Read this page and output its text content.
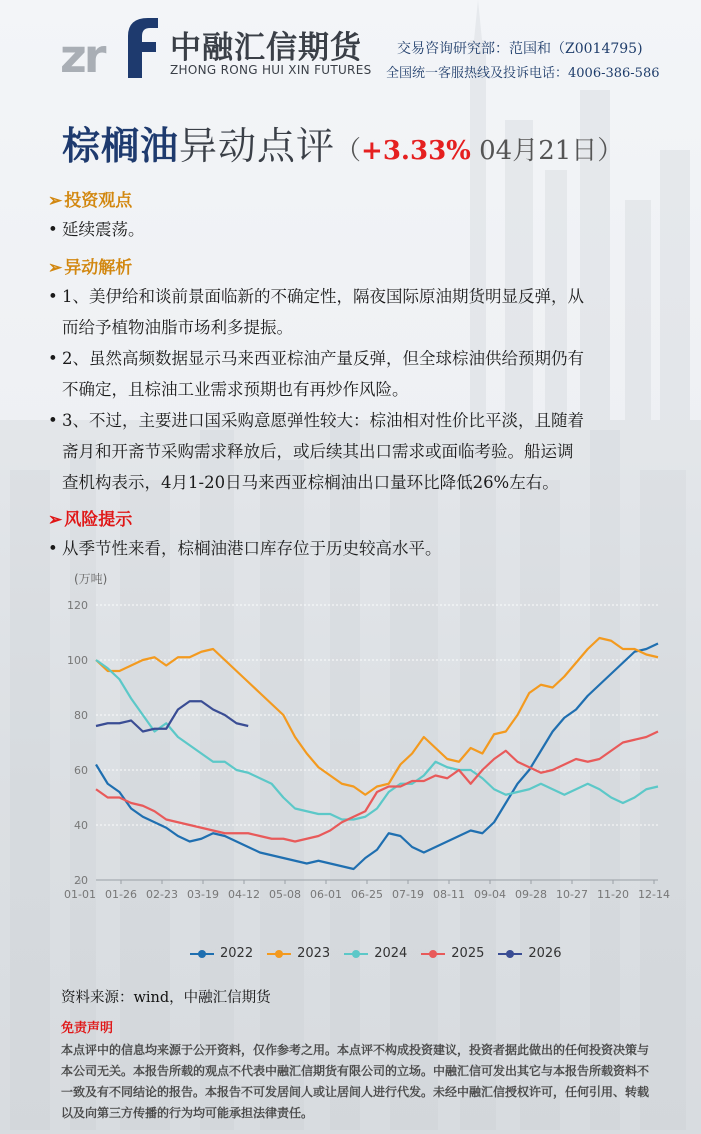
zr 中融汇信期货
ZHONG RONG HUI XIN FUTURES
交易咨询研究部：范国和（Z0014795)
全国统一客服热线及投诉电话：4006-386-586
棕榈油异动点评（+3.33% 04月21日）
➢ 投资观点
• 延续震荡。
➢ 异动解析
• 1、美伊给和谈前景面临新的不确定性，隔夜国际原油期货明显反弹，从
而给予植物油脂市场利多提振。
• 2、虽然高频数据显示马来西亚棕油产量反弹，但全球棕油供给预期仍有
不确定，且棕油工业需求预期也有再炒作风险。
• 3、不过，主要进口国采购意愿弹性较大：棕油相对性价比平淡，且随着
斋月和开斋节采购需求释放后，或后续其出口需求或面临考验。船运调
查机构表示，4月1-20日马来西亚棕榈油出口量环比降低26%左右。
➢ 风险提示
• 从季节性来看，棕榈油港口库存位于历史较高水平。
(万吨)
20
40
60
80
100
120
01-01 01-26 02-23 03-19 04-12 05-08 06-01 06-25 07-19 08-11 09-04 09-28 10-27 11-20 12-14
2022	2023	2024	2025	2026
资料来源：wind，中融汇信期货
免责声明
本点评中的信息均来源于公开资料，仅作参考之用。本点评不构成投资建议，投资者据此做出的任何投资决策与本公司无关。本报告所载的观点不代表中融汇信期货有限公司的立场。中融汇信可发出其它与本报告所载资料不一致及有不同结论的报告。本报告不可发居间人或让居间人进行代发。未经中融汇信授权许可，任何引用、转载以及向第三方传播的行为均可能承担法律责任。
